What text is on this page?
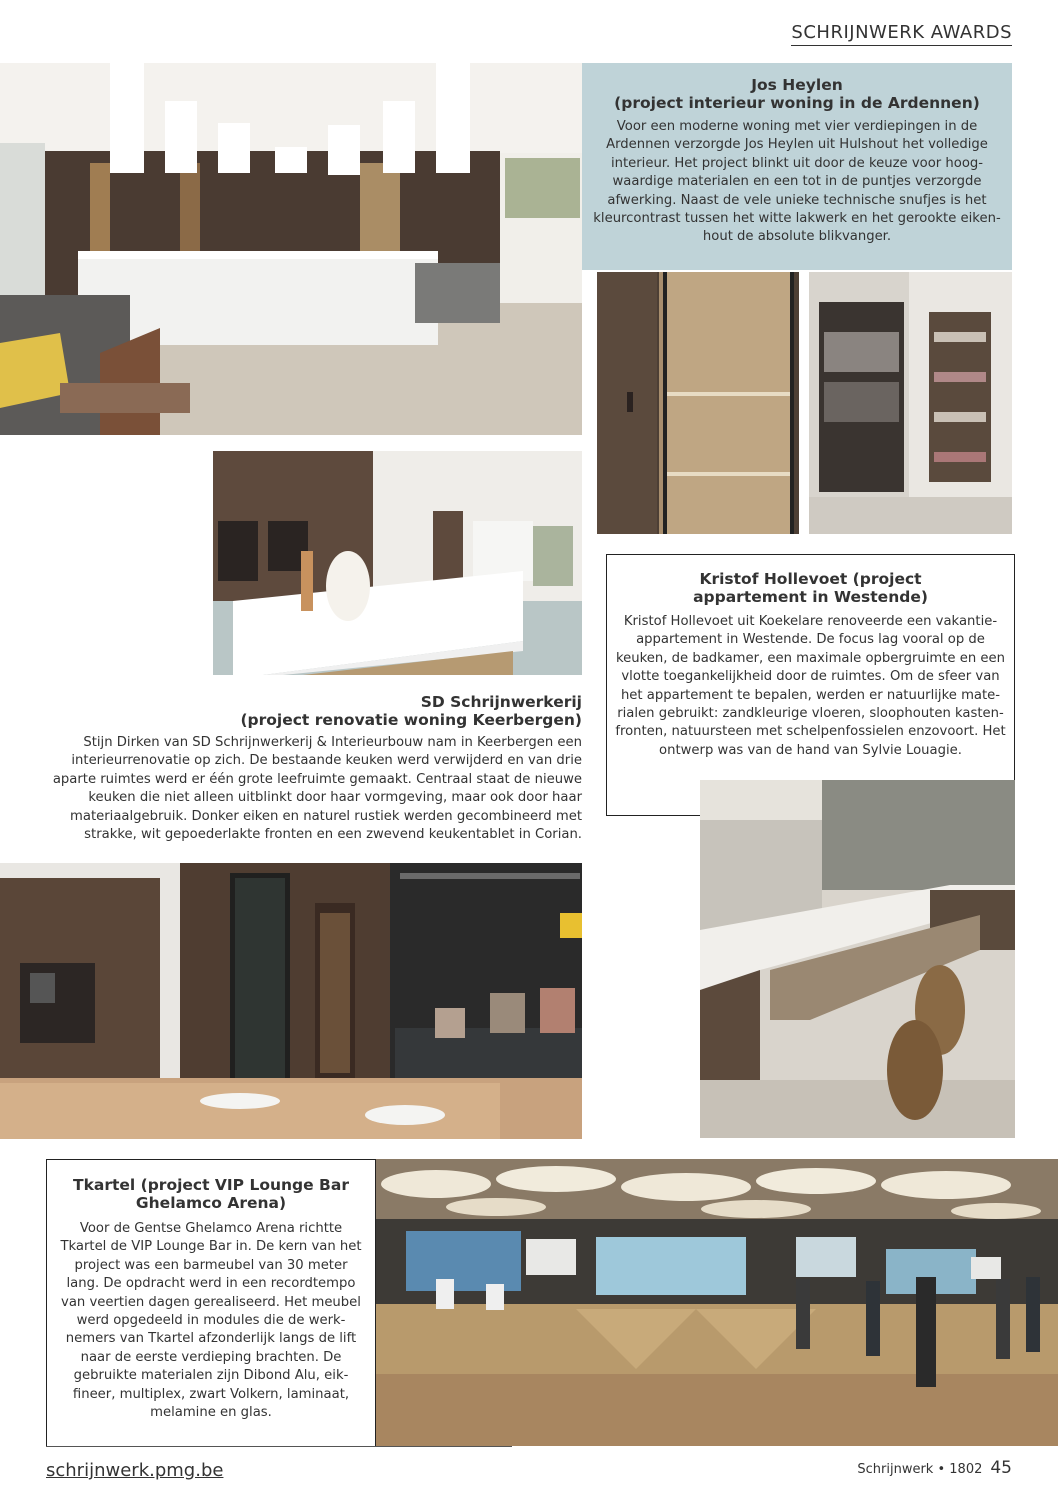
SCHRIJNWERK AWARDS
Jos Heylen
(project interieur woning in de Ardennen)
Voor een moderne woning met vier verdiepingen in de
Ardennen verzorgde Jos Heylen uit Hulshout het volledige
interieur. Het project blinkt uit door de keuze voor hoog-
waardige materialen en een tot in de puntjes verzorgde
afwerking. Naast de vele unieke technische snufjes is het
kleurcontrast tussen het witte lakwerk en het gerookte eiken-
hout de absolute blikvanger.
SD Schrijnwerkerij
(project renovatie woning Keerbergen)
Stijn Dirken van SD Schrijnwerkerij & Interieurbouw nam in Keerbergen een
interieurrenovatie op zich. De bestaande keuken werd verwijderd en van drie
aparte ruimtes werd er één grote leefruimte gemaakt. Centraal staat de nieuwe
keuken die niet alleen uitblinkt door haar vormgeving, maar ook door haar
materiaalgebruik. Donker eiken en naturel rustiek werden gecombineerd met
strakke, wit gepoederlakte fronten en een zwevend keukentablet in Corian.
Kristof Hollevoet (project
appartement in Westende)
Kristof Hollevoet uit Koekelare renoveerde een vakantie-
appartement in Westende. De focus lag vooral op de
keuken, de badkamer, een maximale opbergruimte en een
vlotte toegankelijkheid door de ruimtes. Om de sfeer van
het appartement te bepalen, werden er natuurlijke mate-
rialen gebruikt: zandkleurige vloeren, sloophouten kasten-
fronten, natuursteen met schelpenfossielen enzovoort. Het
ontwerp was van de hand van Sylvie Louagie.
Tkartel (project VIP Lounge Bar
Ghelamco Arena)
Voor de Gentse Ghelamco Arena richtte
Tkartel de VIP Lounge Bar in. De kern van het
project was een barmeubel van 30 meter
lang. De opdracht werd in een recordtempo
van veertien dagen gerealiseerd. Het meubel
werd opgedeeld in modules die de werk-
nemers van Tkartel afzonderlijk langs de lift
naar de eerste verdieping brachten. De
gebruikte materialen zijn Dibond Alu, eik-
fineer, multiplex, zwart Volkern, laminaat,
melamine en glas.
schrijnwerk.pmg.be	Schrijnwerk • 1802 45
